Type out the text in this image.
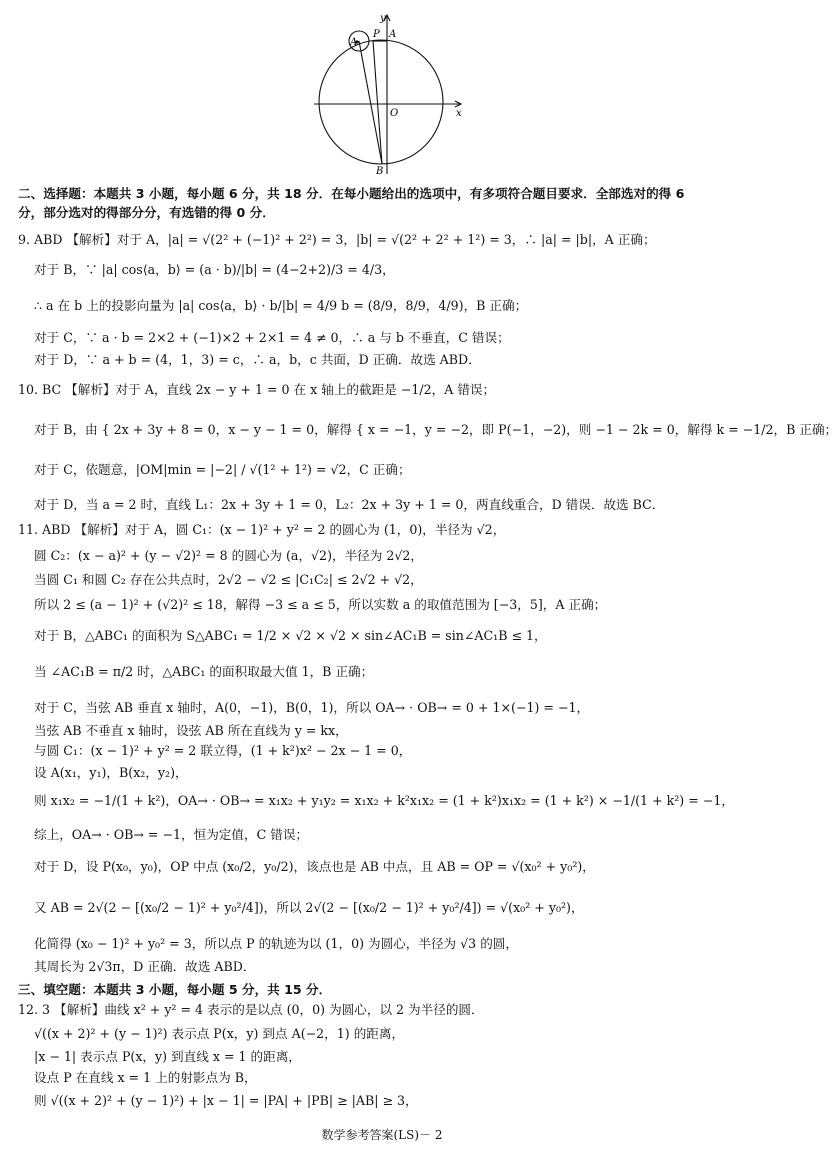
y
x
O
P A
A
B
二、选择题：本题共 3 小题，每小题 6 分，共 18 分．在每小题给出的选项中，有多项符合题目要求．全部选对的得 6
分，部分选对的得部分分，有选错的得 0 分．
9. ABD 【解析】对于 A，|a| = √(2² + (−1)² + 2²) = 3，|b| = √(2² + 2² + 1²) = 3，∴ |a| = |b|，A 正确；
对于 B，∵ |a| cos⟨a，b⟩ = (a · b)/|b| = (4−2+2)/3 = 4/3，
∴ a 在 b 上的投影向量为 |a| cos⟨a，b⟩ · b/|b| = 4/9 b = (8/9，8/9，4/9)，B 正确；
对于 C，∵ a · b = 2×2 + (−1)×2 + 2×1 = 4 ≠ 0，∴ a 与 b 不垂直，C 错误；
对于 D，∵ a + b = (4，1，3) = c，∴ a，b，c 共面，D 正确．故选 ABD．
10. BC 【解析】对于 A，直线 2x − y + 1 = 0 在 x 轴上的截距是 −1/2，A 错误；
对于 B，由 { 2x + 3y + 8 = 0，x − y − 1 = 0，解得 { x = −1，y = −2，即 P(−1，−2)，则 −1 − 2k = 0，解得 k = −1/2，B 正确；
对于 C，依题意，|OM|min = |−2| / √(1² + 1²) = √2，C 正确；
对于 D，当 a = 2 时，直线 L₁：2x + 3y + 1 = 0，L₂：2x + 3y + 1 = 0，两直线重合，D 错误．故选 BC．
11. ABD 【解析】对于 A，圆 C₁：(x − 1)² + y² = 2 的圆心为 (1，0)，半径为 √2，
圆 C₂：(x − a)² + (y − √2)² = 8 的圆心为 (a，√2)，半径为 2√2，
当圆 C₁ 和圆 C₂ 存在公共点时，2√2 − √2 ≤ |C₁C₂| ≤ 2√2 + √2，
所以 2 ≤ (a − 1)² + (√2)² ≤ 18，解得 −3 ≤ a ≤ 5，所以实数 a 的取值范围为 [−3，5]，A 正确；
对于 B，△ABC₁ 的面积为 S△ABC₁ = 1/2 × √2 × √2 × sin∠AC₁B = sin∠AC₁B ≤ 1，
当 ∠AC₁B = π/2 时，△ABC₁ 的面积取最大值 1，B 正确；
对于 C，当弦 AB 垂直 x 轴时，A(0，−1)，B(0，1)，所以 OA→ · OB→ = 0 + 1×(−1) = −1，
当弦 AB 不垂直 x 轴时，设弦 AB 所在直线为 y = kx，
与圆 C₁：(x − 1)² + y² = 2 联立得，(1 + k²)x² − 2x − 1 = 0，
设 A(x₁，y₁)，B(x₂，y₂)，
则 x₁x₂ = −1/(1 + k²)，OA→ · OB→ = x₁x₂ + y₁y₂ = x₁x₂ + k²x₁x₂ = (1 + k²)x₁x₂ = (1 + k²) × −1/(1 + k²) = −1，
综上，OA→ · OB→ = −1，恒为定值，C 错误；
对于 D，设 P(x₀，y₀)，OP 中点 (x₀/2，y₀/2)，该点也是 AB 中点，且 AB = OP = √(x₀² + y₀²)，
又 AB = 2√(2 − [(x₀/2 − 1)² + y₀²/4])，所以 2√(2 − [(x₀/2 − 1)² + y₀²/4]) = √(x₀² + y₀²)，
化简得 (x₀ − 1)² + y₀² = 3，所以点 P 的轨迹为以 (1，0) 为圆心，半径为 √3 的圆，
其周长为 2√3π，D 正确．故选 ABD．
三、填空题：本题共 3 小题，每小题 5 分，共 15 分．
12. 3 【解析】曲线 x² + y² = 4 表示的是以点 (0，0) 为圆心，以 2 为半径的圆．
√((x + 2)² + (y − 1)²) 表示点 P(x，y) 到点 A(−2，1) 的距离，
|x − 1| 表示点 P(x，y) 到直线 x = 1 的距离，
设点 P 在直线 x = 1 上的射影点为 B，
则 √((x + 2)² + (y − 1)²) + |x − 1| = |PA| + |PB| ≥ |AB| ≥ 3，
数学参考答案(LS)－ 2
